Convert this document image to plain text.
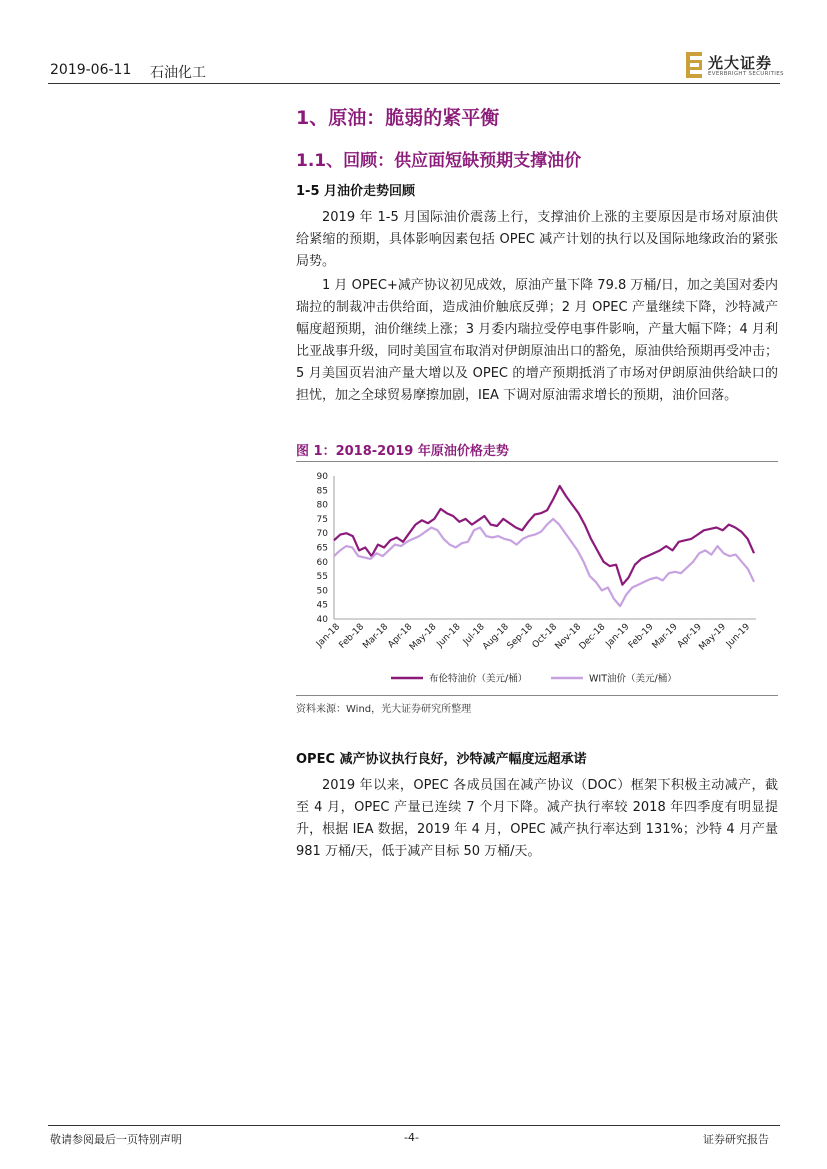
2019-06-11 石油化工
光大证券
EVERBRIGHT SECURITIES
1、原油：脆弱的紧平衡
1.1、回顾：供应面短缺预期支撑油价
1-5 月油价走势回顾

2019 年 1-5 月国际油价震荡上行，支撑油价上涨的主要原因是市场对原油供给紧缩的预期，具体影响因素包括 OPEC 减产计划的执行以及国际地缘政治的紧张局势。

1 月 OPEC+减产协议初见成效，原油产量下降 79.8 万桶/日，加之美国对委内瑞拉的制裁冲击供给面，造成油价触底反弹；2 月 OPEC 产量继续下降，沙特减产幅度超预期，油价继续上涨；3 月委内瑞拉受停电事件影响，产量大幅下降；4 月利比亚战事升级，同时美国宣布取消对伊朗原油出口的豁免，原油供给预期再受冲击；5 月美国页岩油产量大增以及 OPEC 的增产预期抵消了市场对伊朗原油供给缺口的担忧，加之全球贸易摩擦加剧，IEA 下调对原油需求增长的预期，油价回落。

图 1：2018-2019 年原油价格走势
90
85
80
75
70
65
60
55
50
45
40
Jan-18
Feb-18
Mar-18
Apr-18
May-18
Jun-18
Jul-18
Aug-18
Sep-18
Oct-18
Nov-18
Dec-18
Jan-19
Feb-19
Mar-19
Apr-19
May-19
Jun-19
布伦特油价（美元/桶）	WIT油价（美元/桶）
资料来源：Wind，光大证券研究所整理
OPEC 减产协议执行良好，沙特减产幅度远超承诺

2019 年以来，OPEC 各成员国在减产协议（DOC）框架下积极主动减产，截至 4 月，OPEC 产量已连续 7 个月下降。减产执行率较 2018 年四季度有明显提升，根据 IEA 数据，2019 年 4 月，OPEC 减产执行率达到 131%；沙特 4 月产量 981 万桶/天，低于减产目标 50 万桶/天。

敬请参阅最后一页特别声明	-4-	证券研究报告
